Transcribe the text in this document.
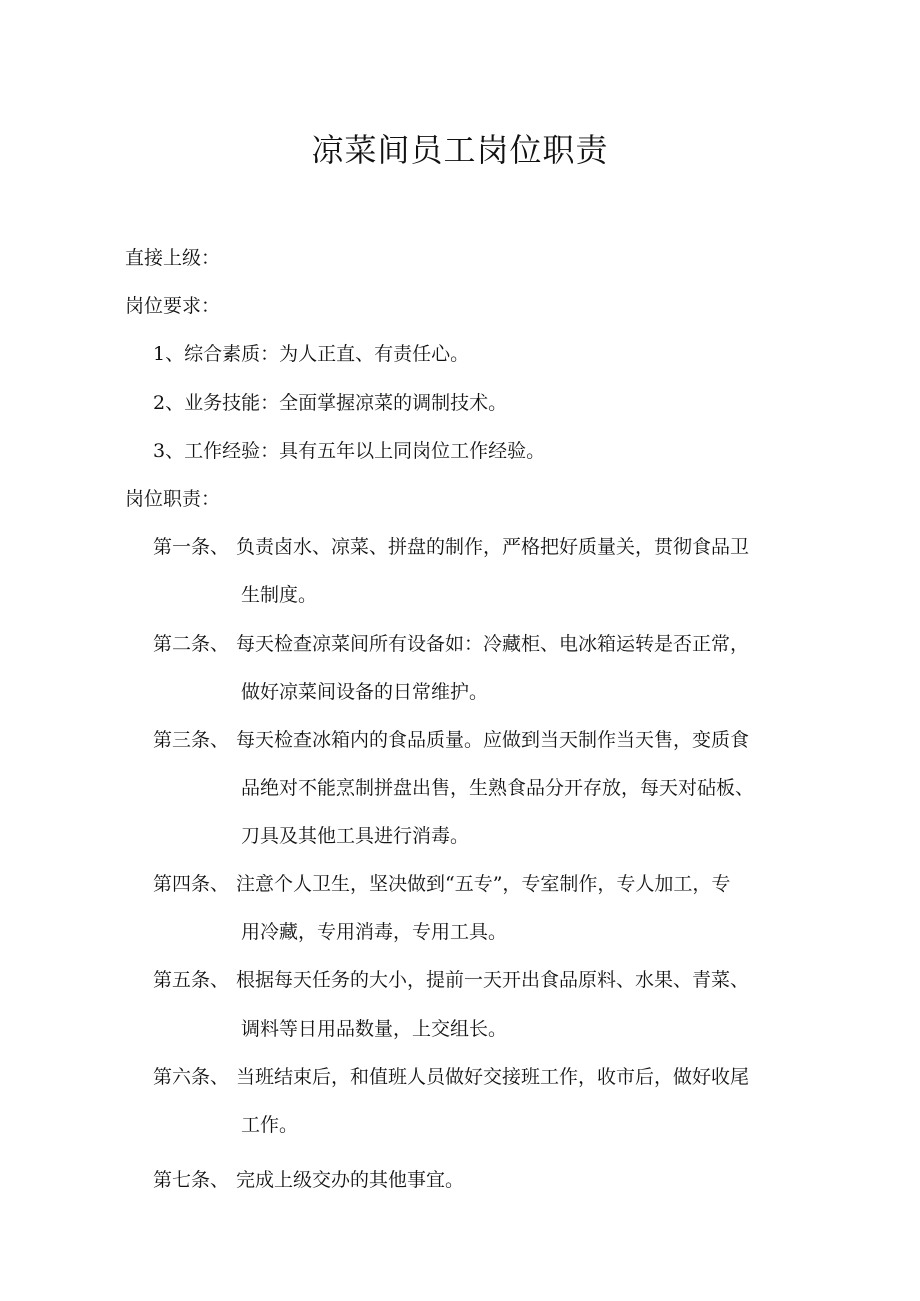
凉菜间员工岗位职责

直接上级：

岗位要求：

1、综合素质：为人正直、有责任心。

2、业务技能：全面掌握凉菜的调制技术。

3、工作经验：具有五年以上同岗位工作经验。

岗位职责：

第一条、 负责卤水、凉菜、拼盘的制作，严格把好质量关，贯彻食品卫
生制度。
第二条、 每天检查凉菜间所有设备如：冷藏柜、电冰箱运转是否正常，
做好凉菜间设备的日常维护。
第三条、 每天检查冰箱内的食品质量。应做到当天制作当天售，变质食
品绝对不能烹制拼盘出售，生熟食品分开存放，每天对砧板、
刀具及其他工具进行消毒。
第四条、 注意个人卫生，坚决做到“五专”，专室制作，专人加工，专
用冷藏，专用消毒，专用工具。
第五条、 根据每天任务的大小，提前一天开出食品原料、水果、青菜、
调料等日用品数量，上交组长。
第六条、 当班结束后，和值班人员做好交接班工作，收市后，做好收尾
工作。
第七条、 完成上级交办的其他事宜。
